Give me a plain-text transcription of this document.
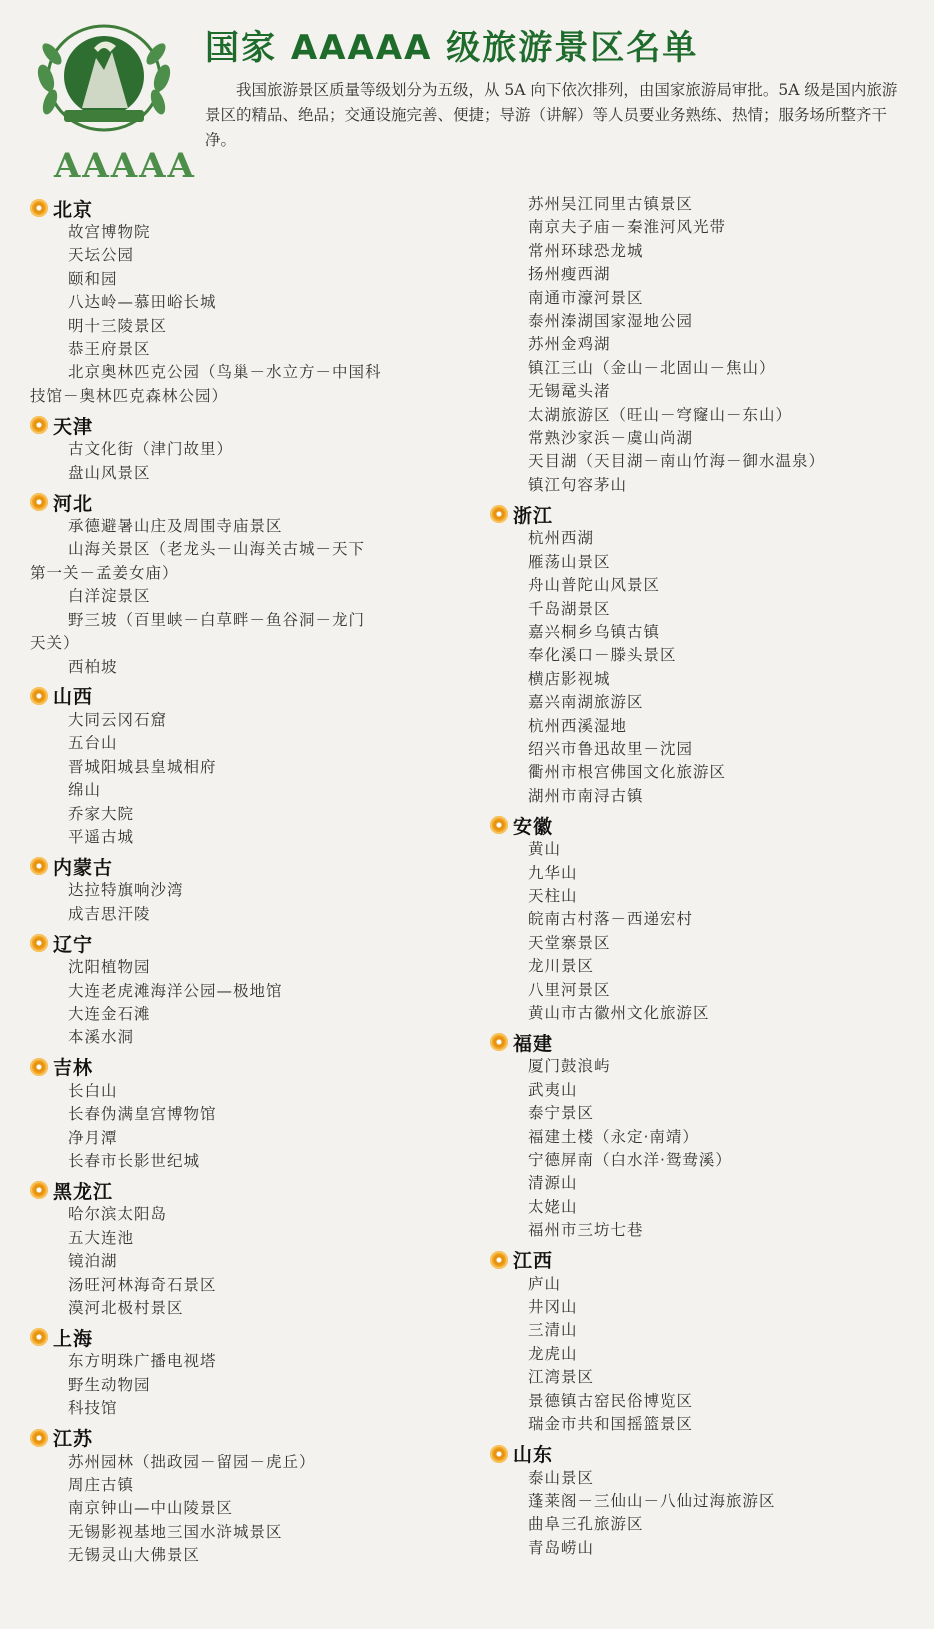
AAAAA
国家 AAAAA 级旅游景区名单
我国旅游景区质量等级划分为五级，从 5A 向下依次排列，由国家旅游局审批。5A 级是国内旅游景区的精品、绝品；交通设施完善、便捷；导游（讲解）等人员要业务熟练、热情；服务场所整齐干净。
北京
故宫博物院
天坛公园
颐和园
八达岭—慕田峪长城
明十三陵景区
恭王府景区
北京奥林匹克公园（鸟巢－水立方－中国科
技馆－奥林匹克森林公园）
天津
古文化街（津门故里）
盘山风景区
河北
承德避暑山庄及周围寺庙景区
山海关景区（老龙头－山海关古城－天下
第一关－孟姜女庙）
白洋淀景区
野三坡（百里峡－白草畔－鱼谷洞－龙门
天关）
西柏坡
山西
大同云冈石窟
五台山
晋城阳城县皇城相府
绵山
乔家大院
平遥古城
内蒙古
达拉特旗响沙湾
成吉思汗陵
辽宁
沈阳植物园
大连老虎滩海洋公园—极地馆
大连金石滩
本溪水洞
吉林
长白山
长春伪满皇宫博物馆
净月潭
长春市长影世纪城
黑龙江
哈尔滨太阳岛
五大连池
镜泊湖
汤旺河林海奇石景区
漠河北极村景区
上海
东方明珠广播电视塔
野生动物园
科技馆
江苏
苏州园林（拙政园－留园－虎丘）
周庄古镇
南京钟山—中山陵景区
无锡影视基地三国水浒城景区
无锡灵山大佛景区
苏州吴江同里古镇景区
南京夫子庙－秦淮河风光带
常州环球恐龙城
扬州瘦西湖
南通市濠河景区
泰州溱湖国家湿地公园
苏州金鸡湖
镇江三山（金山－北固山－焦山）
无锡鼋头渚
太湖旅游区（旺山－穹窿山－东山）
常熟沙家浜－虞山尚湖
天目湖（天目湖－南山竹海－御水温泉）
镇江句容茅山
浙江
杭州西湖
雁荡山景区
舟山普陀山风景区
千岛湖景区
嘉兴桐乡乌镇古镇
奉化溪口－滕头景区
横店影视城
嘉兴南湖旅游区
杭州西溪湿地
绍兴市鲁迅故里－沈园
衢州市根宫佛国文化旅游区
湖州市南浔古镇
安徽
黄山
九华山
天柱山
皖南古村落－西递宏村
天堂寨景区
龙川景区
八里河景区
黄山市古徽州文化旅游区
福建
厦门鼓浪屿
武夷山
泰宁景区
福建土楼（永定·南靖）
宁德屏南（白水洋·鸳鸯溪）
清源山
太姥山
福州市三坊七巷
江西
庐山
井冈山
三清山
龙虎山
江湾景区
景德镇古窑民俗博览区
瑞金市共和国摇篮景区
山东
泰山景区
蓬莱阁－三仙山－八仙过海旅游区
曲阜三孔旅游区
青岛崂山
